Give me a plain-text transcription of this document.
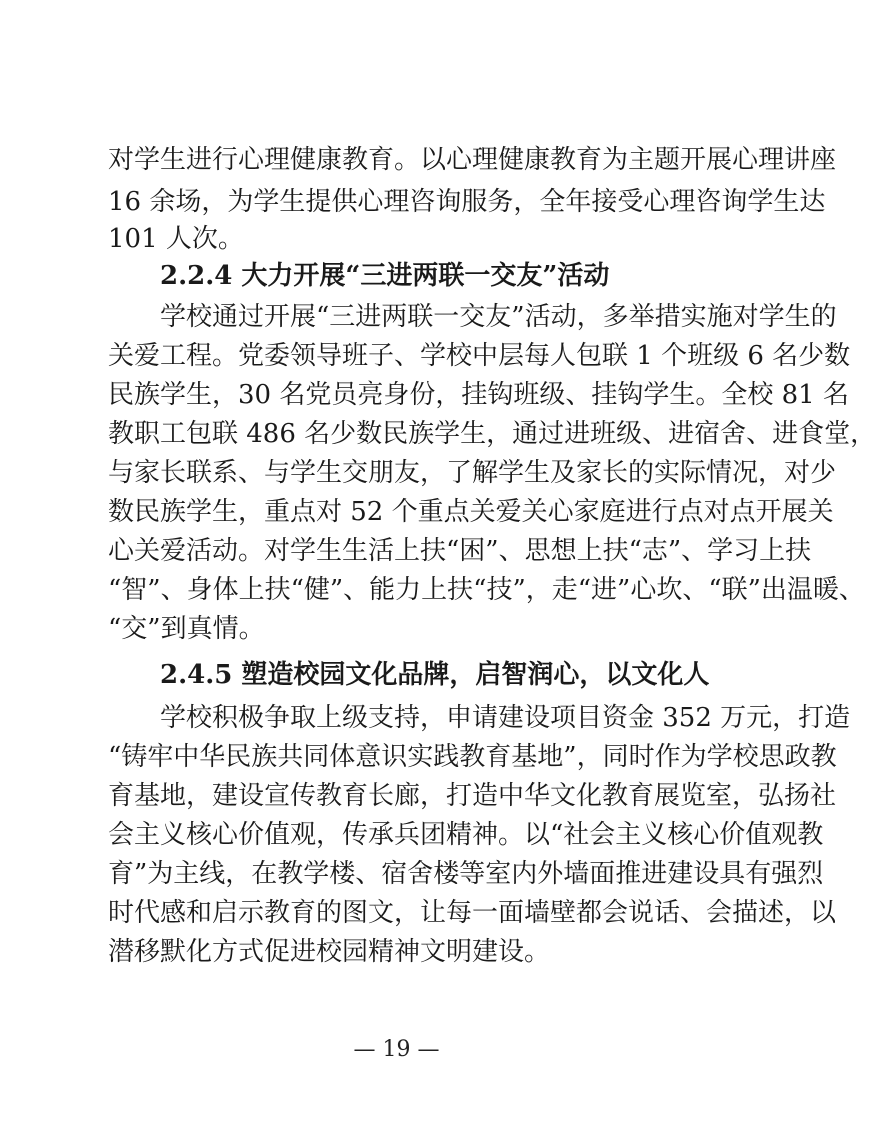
对学生进行心理健康教育。以心理健康教育为主题开展心理讲座
16 余场，为学生提供心理咨询服务，全年接受心理咨询学生达
101 人次。
2.2.4 大力开展“三进两联一交友”活动
学校通过开展“三进两联一交友”活动，多举措实施对学生的
关爱工程。党委领导班子、学校中层每人包联 1 个班级 6 名少数
民族学生，30 名党员亮身份，挂钩班级、挂钩学生。全校 81 名
教职工包联 486 名少数民族学生，通过进班级、进宿舍、进食堂，
与家长联系、与学生交朋友，了解学生及家长的实际情况，对少
数民族学生，重点对 52 个重点关爱关心家庭进行点对点开展关
心关爱活动。对学生生活上扶“困”、思想上扶“志”、学习上扶
“智”、身体上扶“健”、能力上扶“技”，走“进”心坎、“联”出温暖、
“交”到真情。
2.4.5 塑造校园文化品牌，启智润心，以文化人
学校积极争取上级支持，申请建设项目资金 352 万元，打造
“铸牢中华民族共同体意识实践教育基地”，同时作为学校思政教
育基地，建设宣传教育长廊，打造中华文化教育展览室，弘扬社
会主义核心价值观，传承兵团精神。以“社会主义核心价值观教
育”为主线，在教学楼、宿舍楼等室内外墙面推进建设具有强烈
时代感和启示教育的图文，让每一面墙壁都会说话、会描述，以
潜移默化方式促进校园精神文明建设。
— 19 —
